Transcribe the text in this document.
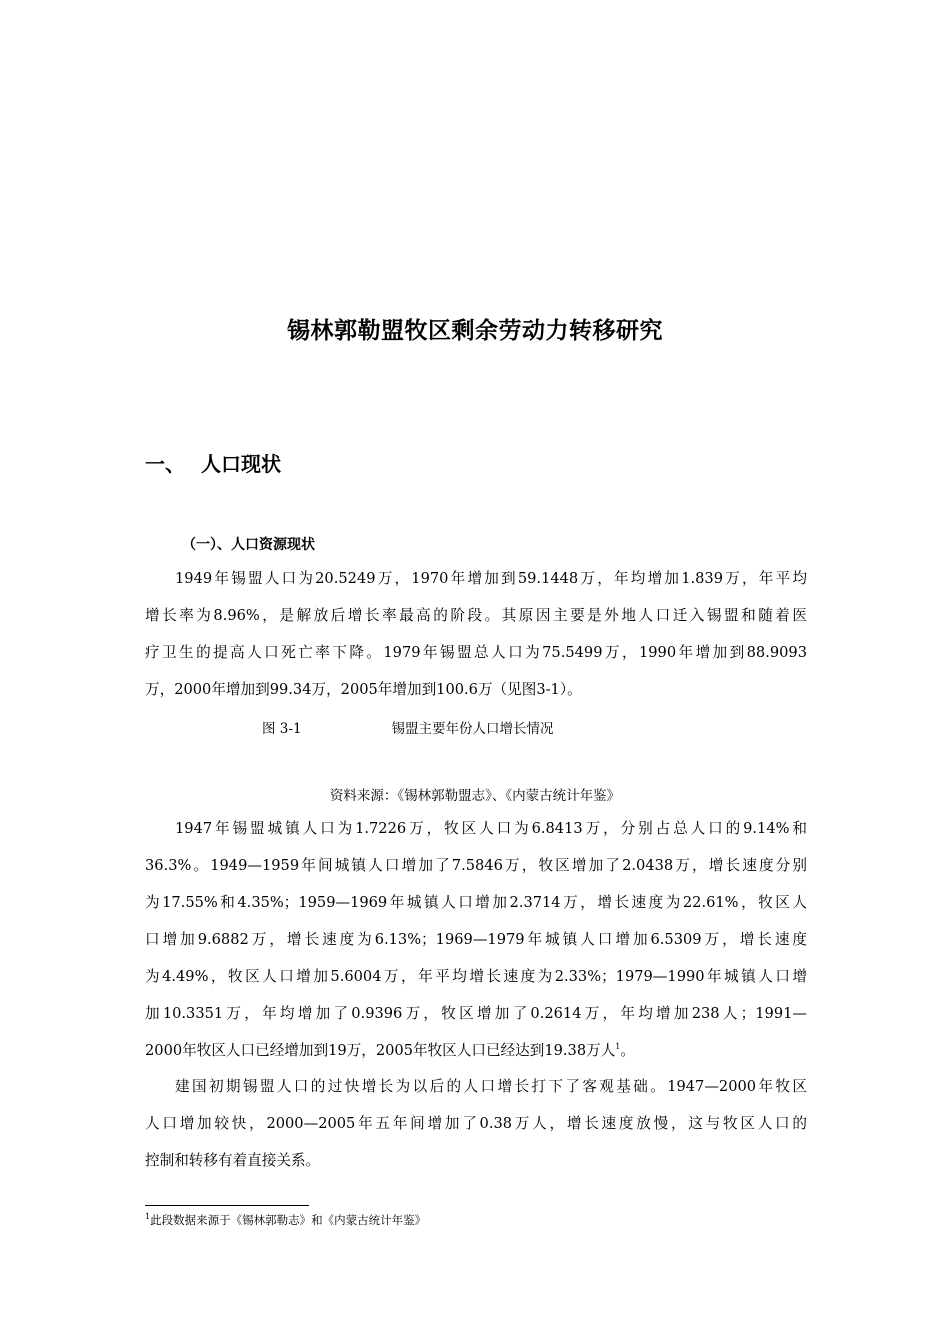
锡林郭勒盟牧区剩余劳动力转移研究
一、 人口现状
（一）、人口资源现状
1949年锡盟人口为20.5249万，1970年增加到59.1448万，年均增加1.839万，年平均
增长率为8.96%，是解放后增长率最高的阶段。其原因主要是外地人口迁入锡盟和随着医
疗卫生的提高人口死亡率下降。1979年锡盟总人口为75.5499万，1990年增加到88.9093
万，2000年增加到99.34万，2005年增加到100.6万（见图3-1）。
图 3-1	锡盟主要年份人口增长情况
资料来源：《锡林郭勒盟志》、《内蒙古统计年鉴》
1947年锡盟城镇人口为1.7226万，牧区人口为6.8413万，分别占总人口的9.14%和
36.3%。1949—1959年间城镇人口增加了7.5846万，牧区增加了2.0438万，增长速度分别
为17.55%和4.35%；1959—1969年城镇人口增加2.3714万，增长速度为22.61%，牧区人
口增加9.6882万，增长速度为6.13%；1969—1979年城镇人口增加6.5309万，增长速度
为4.49%，牧区人口增加5.6004万，年平均增长速度为2.33%；1979—1990年城镇人口增
加10.3351万，年均增加了0.9396万，牧区增加了0.2614万，年均增加238人；1991—
2000年牧区人口已经增加到19万，2005年牧区人口已经达到19.38万人$^1$。
建国初期锡盟人口的过快增长为以后的人口增长打下了客观基础。1947—2000年牧区
人口增加较快，2000—2005年五年间增加了0.38万人，增长速度放慢，这与牧区人口的
控制和转移有着直接关系。
$^1$此段数据来源于《锡林郭勒志》和《内蒙古统计年鉴》
